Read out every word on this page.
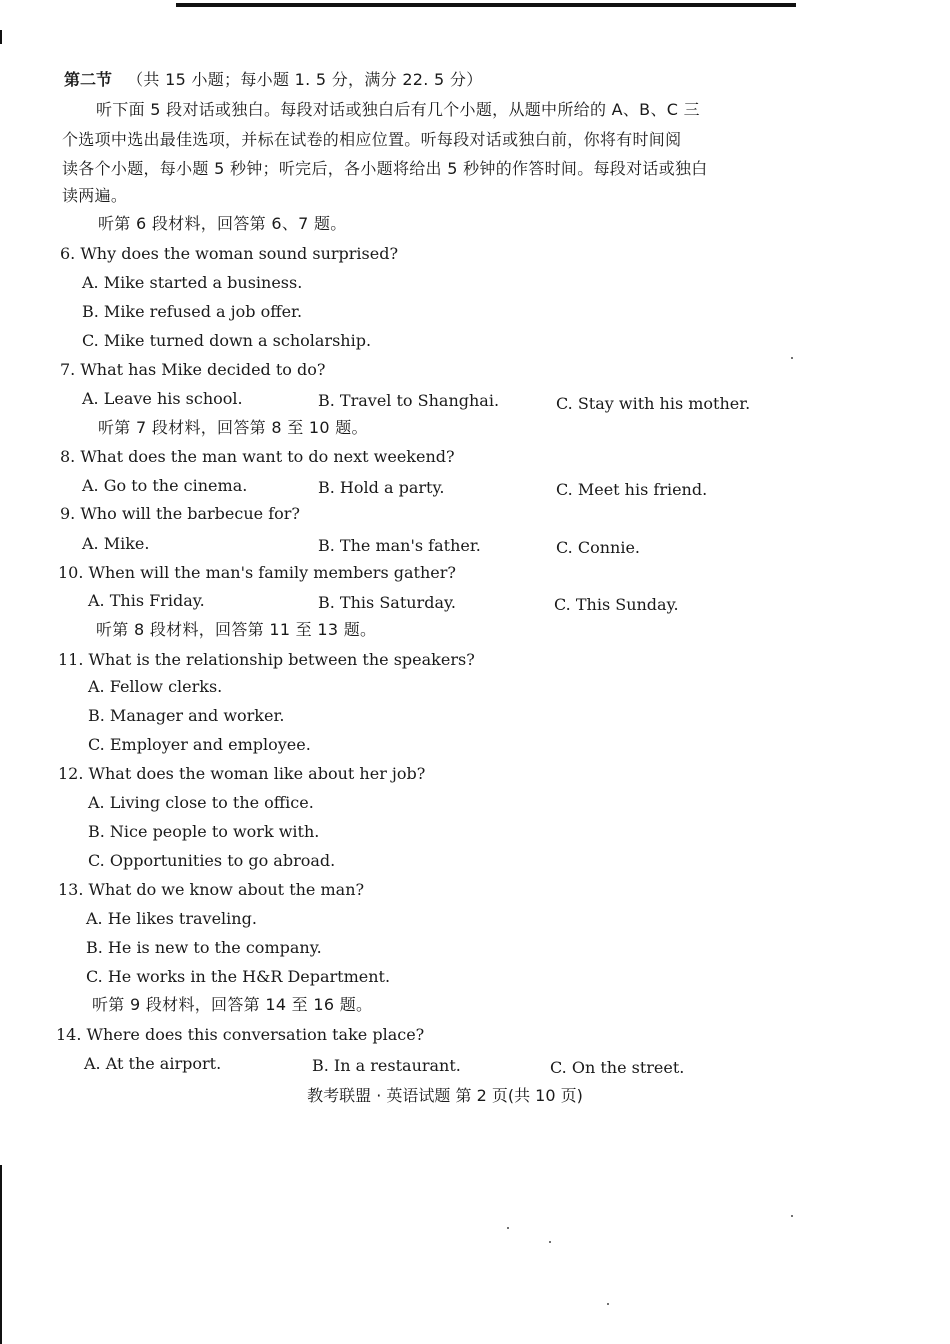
第二节 （共 15 小题；每小题 1. 5 分，满分 22. 5 分）
听下面 5 段对话或独白。每段对话或独白后有几个小题，从题中所给的 A、B、C 三
个选项中选出最佳选项，并标在试卷的相应位置。听每段对话或独白前，你将有时间阅
读各个小题，每小题 5 秒钟；听完后，各小题将给出 5 秒钟的作答时间。每段对话或独白
读两遍。
听第 6 段材料，回答第 6、7 题。
6. Why does the woman sound surprised?
A. Mike started a business.
B. Mike refused a job offer.
C. Mike turned down a scholarship.
7. What has Mike decided to do?
A. Leave his school.	B. Travel to Shanghai.	C. Stay with his mother.
听第 7 段材料，回答第 8 至 10 题。
8. What does the man want to do next weekend?
A. Go to the cinema.	B. Hold a party.	C. Meet his friend.
9. Who will the barbecue for?
A. Mike.	B. The man's father.	C. Connie.
10. When will the man's family members gather?
A. This Friday.	B. This Saturday.	C. This Sunday.
听第 8 段材料，回答第 11 至 13 题。
11. What is the relationship between the speakers?
A. Fellow clerks.
B. Manager and worker.
C. Employer and employee.
12. What does the woman like about her job?
A. Living close to the office.
B. Nice people to work with.
C. Opportunities to go abroad.
13. What do we know about the man?
A. He likes traveling.
B. He is new to the company.
C. He works in the H&R Department.
听第 9 段材料，回答第 14 至 16 题。
14. Where does this conversation take place?
A. At the airport.	B. In a restaurant.	C. On the street.
教考联盟 · 英语试题 第 2 页(共 10 页)
